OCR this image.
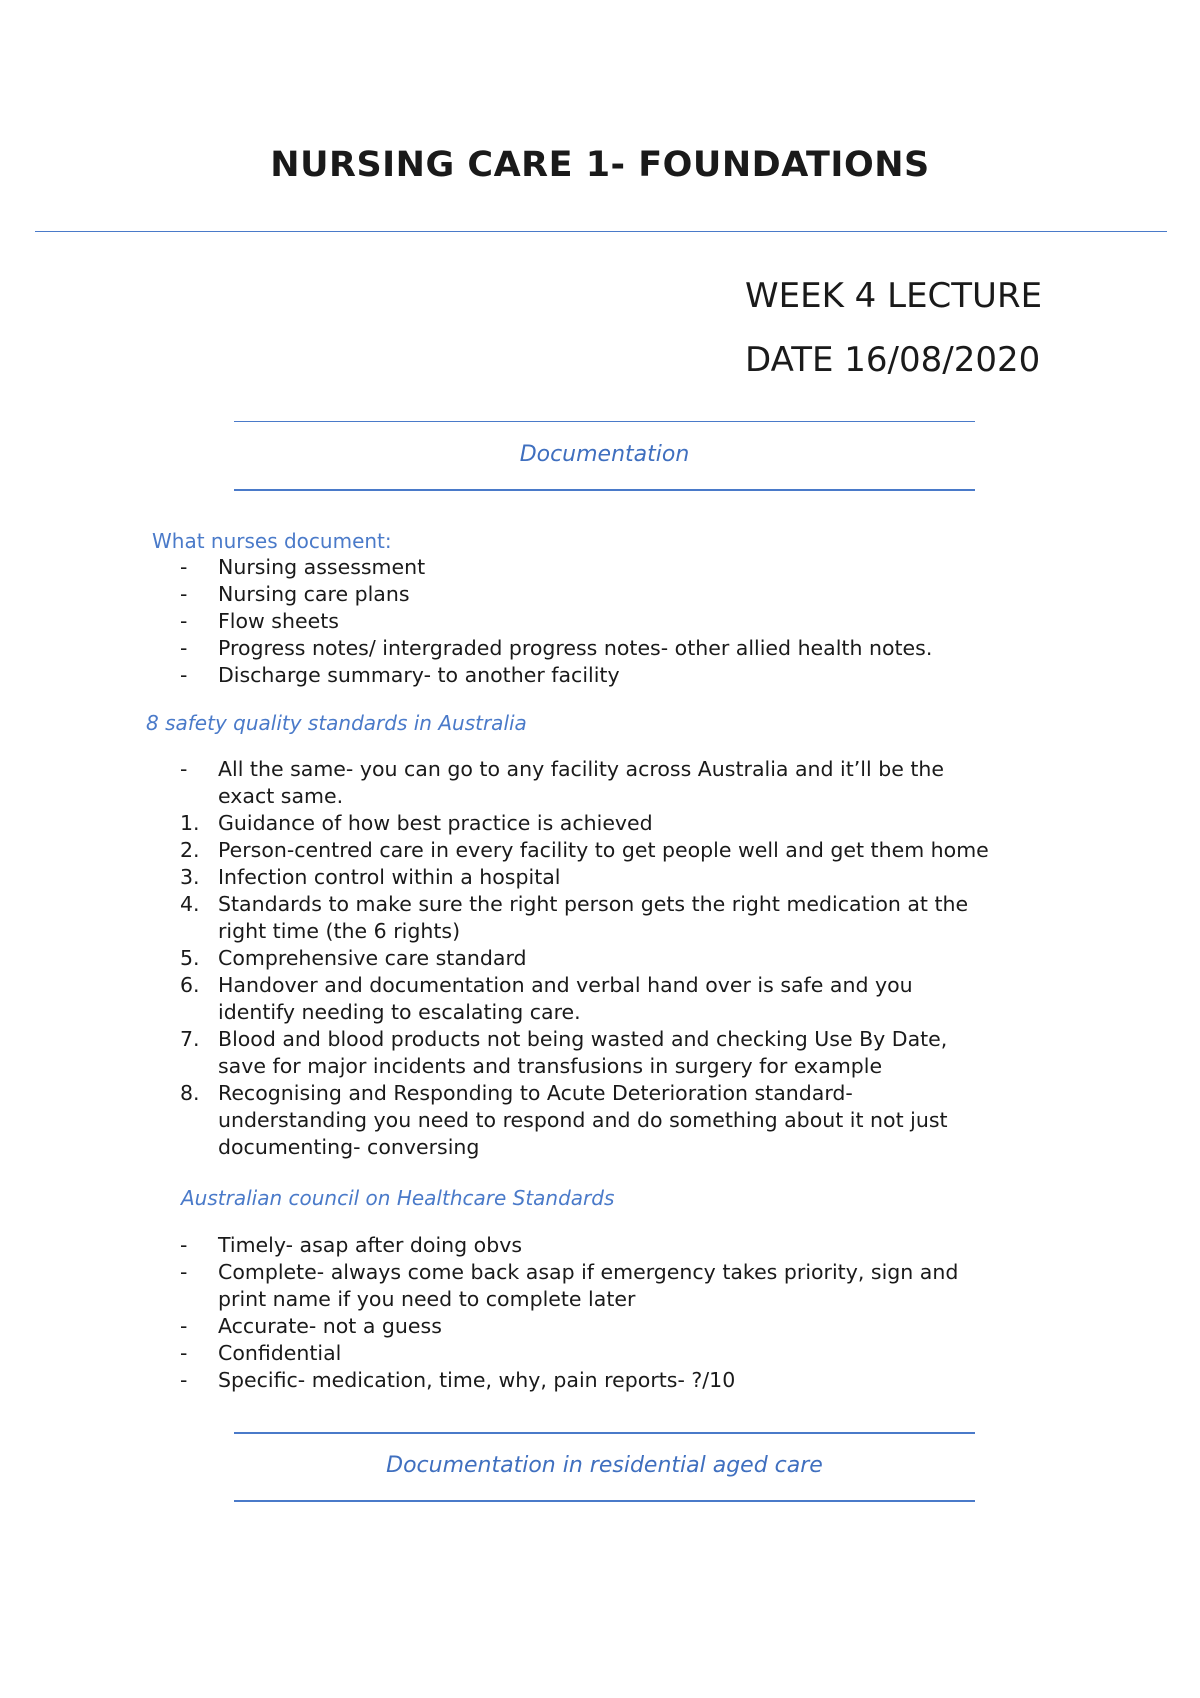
NURSING CARE 1- FOUNDATIONS
WEEK 4 LECTURE
DATE 16/08/2020
Documentation
What nurses document:
-	Nursing assessment
-	Nursing care plans
-	Flow sheets
-	Progress notes/ intergraded progress notes- other allied health notes.
-	Discharge summary- to another facility
8 safety quality standards in Australia
-	All the same- you can go to any facility across Australia and it’ll be the
exact same.
1. Guidance of how best practice is achieved
2. Person-centred care in every facility to get people well and get them home
3. Infection control within a hospital
4. Standards to make sure the right person gets the right medication at the
right time (the 6 rights)
5. Comprehensive care standard
6. Handover and documentation and verbal hand over is safe and you
identify needing to escalating care.
7. Blood and blood products not being wasted and checking Use By Date,
save for major incidents and transfusions in surgery for example
8. Recognising and Responding to Acute Deterioration standard-
understanding you need to respond and do something about it not just
documenting- conversing
Australian council on Healthcare Standards
-	Timely- asap after doing obvs
-	Complete- always come back asap if emergency takes priority, sign and
print name if you need to complete later
-	Accurate- not a guess
-	Confidential
-	Specific- medication, time, why, pain reports- ?/10
Documentation in residential aged care
